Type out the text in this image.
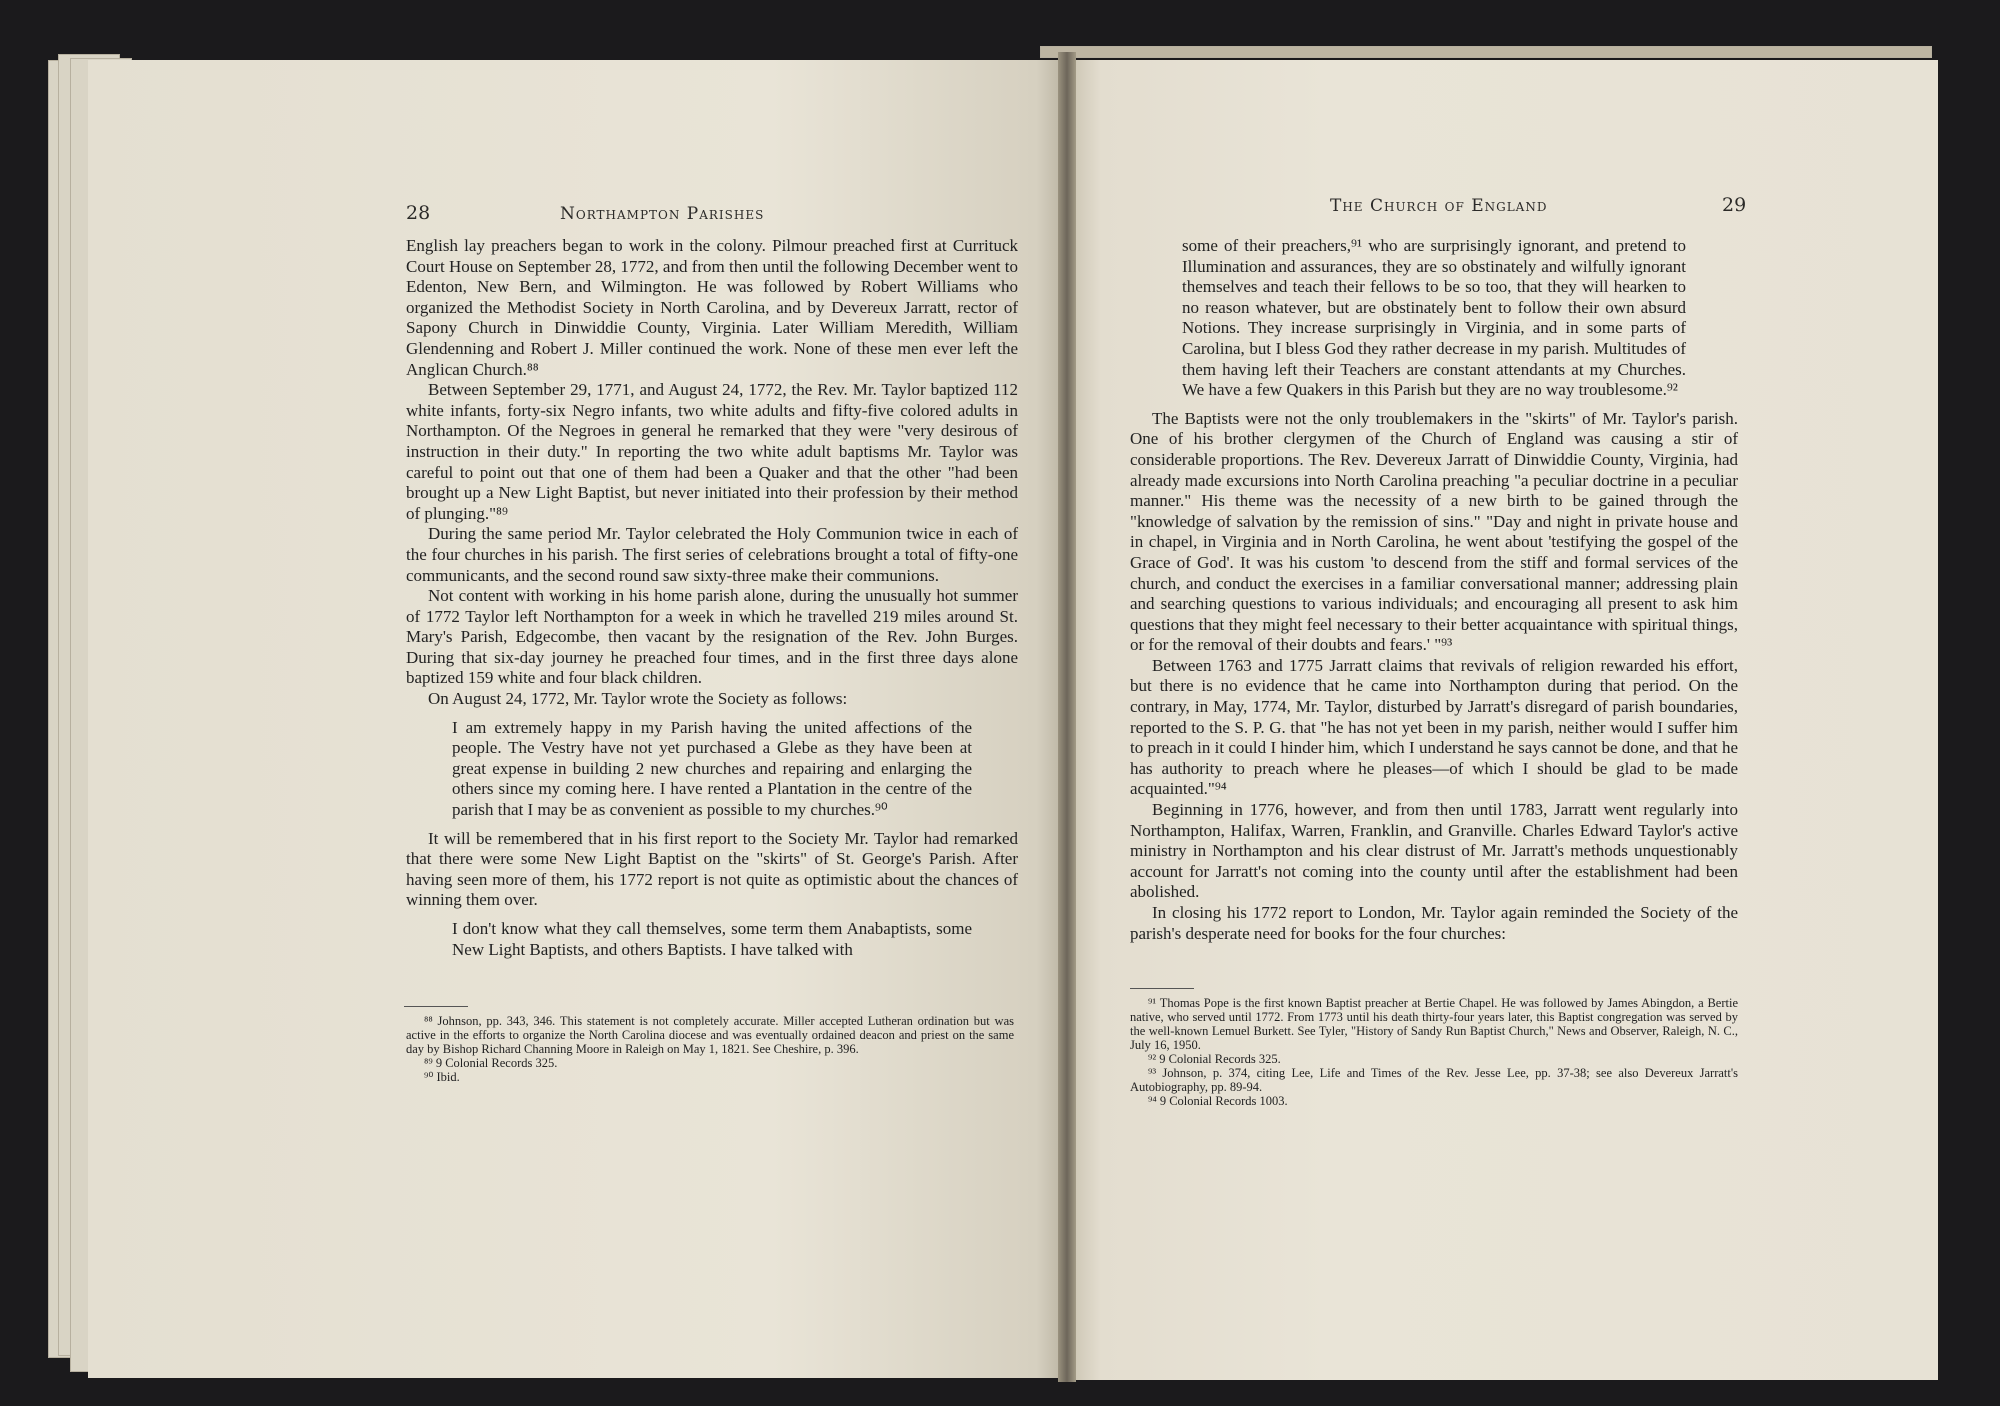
28	Northampton Parishes

English lay preachers began to work in the colony. Pilmour preached first at Currituck Court House on September 28, 1772, and from then until the following December went to Edenton, New Bern, and Wilmington. He was followed by Robert Williams who organized the Methodist Society in North Carolina, and by Devereux Jarratt, rector of Sapony Church in Dinwiddie County, Virginia. Later William Meredith, William Glendenning and Robert J. Miller continued the work. None of these men ever left the Anglican Church.⁸⁸

Between September 29, 1771, and August 24, 1772, the Rev. Mr. Taylor baptized 112 white infants, forty-six Negro infants, two white adults and fifty-five colored adults in Northampton. Of the Negroes in general he remarked that they were "very desirous of instruction in their duty." In reporting the two white adult baptisms Mr. Taylor was careful to point out that one of them had been a Quaker and that the other "had been brought up a New Light Baptist, but never initiated into their profession by their method of plunging."⁸⁹

During the same period Mr. Taylor celebrated the Holy Communion twice in each of the four churches in his parish. The first series of celebrations brought a total of fifty-one communicants, and the second round saw sixty-three make their communions.

Not content with working in his home parish alone, during the unusually hot summer of 1772 Taylor left Northampton for a week in which he travelled 219 miles around St. Mary's Parish, Edgecombe, then vacant by the resignation of the Rev. John Burges. During that six-day journey he preached four times, and in the first three days alone baptized 159 white and four black children.

On August 24, 1772, Mr. Taylor wrote the Society as follows:

I am extremely happy in my Parish having the united affections of the people. The Vestry have not yet purchased a Glebe as they have been at great expense in building 2 new churches and repairing and enlarging the others since my coming here. I have rented a Plantation in the centre of the parish that I may be as convenient as possible to my churches.⁹⁰

It will be remembered that in his first report to the Society Mr. Taylor had remarked that there were some New Light Baptist on the "skirts" of St. George's Parish. After having seen more of them, his 1772 report is not quite as optimistic about the chances of winning them over.

I don't know what they call themselves, some term them Anabaptists, some New Light Baptists, and others Baptists. I have talked with

⁸⁸ Johnson, pp. 343, 346. This statement is not completely accurate. Miller accepted Lutheran ordination but was active in the efforts to organize the North Carolina diocese and was eventually ordained deacon and priest on the same day by Bishop Richard Channing Moore in Raleigh on May 1, 1821. See Cheshire, p. 396.

⁸⁹ 9 Colonial Records 325.

⁹⁰ Ibid.

The Church of England	29

some of their preachers,⁹¹ who are surprisingly ignorant, and pretend to Illumination and assurances, they are so obstinately and wilfully ignorant themselves and teach their fellows to be so too, that they will hearken to no reason whatever, but are obstinately bent to follow their own absurd Notions. They increase surprisingly in Virginia, and in some parts of Carolina, but I bless God they rather decrease in my parish. Multitudes of them having left their Teachers are constant attendants at my Churches. We have a few Quakers in this Parish but they are no way troublesome.⁹²

The Baptists were not the only troublemakers in the "skirts" of Mr. Taylor's parish. One of his brother clergymen of the Church of England was causing a stir of considerable proportions. The Rev. Devereux Jarratt of Dinwiddie County, Virginia, had already made excursions into North Carolina preaching "a peculiar doctrine in a peculiar manner." His theme was the necessity of a new birth to be gained through the "knowledge of salvation by the remission of sins." "Day and night in private house and in chapel, in Virginia and in North Carolina, he went about 'testifying the gospel of the Grace of God'. It was his custom 'to descend from the stiff and formal services of the church, and conduct the exercises in a familiar conversational manner; addressing plain and searching questions to various individuals; and encouraging all present to ask him questions that they might feel necessary to their better acquaintance with spiritual things, or for the removal of their doubts and fears.' "⁹³

Between 1763 and 1775 Jarratt claims that revivals of religion rewarded his effort, but there is no evidence that he came into Northampton during that period. On the contrary, in May, 1774, Mr. Taylor, disturbed by Jarratt's disregard of parish boundaries, reported to the S. P. G. that "he has not yet been in my parish, neither would I suffer him to preach in it could I hinder him, which I understand he says cannot be done, and that he has authority to preach where he pleases—of which I should be glad to be made acquainted."⁹⁴

Beginning in 1776, however, and from then until 1783, Jarratt went regularly into Northampton, Halifax, Warren, Franklin, and Granville. Charles Edward Taylor's active ministry in Northampton and his clear distrust of Mr. Jarratt's methods unquestionably account for Jarratt's not coming into the county until after the establishment had been abolished.

In closing his 1772 report to London, Mr. Taylor again reminded the Society of the parish's desperate need for books for the four churches:

⁹¹ Thomas Pope is the first known Baptist preacher at Bertie Chapel. He was followed by James Abingdon, a Bertie native, who served until 1772. From 1773 until his death thirty-four years later, this Baptist congregation was served by the well-known Lemuel Burkett. See Tyler, "History of Sandy Run Baptist Church," News and Observer, Raleigh, N. C., July 16, 1950.

⁹² 9 Colonial Records 325.

⁹³ Johnson, p. 374, citing Lee, Life and Times of the Rev. Jesse Lee, pp. 37-38; see also Devereux Jarratt's Autobiography, pp. 89-94.

⁹⁴ 9 Colonial Records 1003.
